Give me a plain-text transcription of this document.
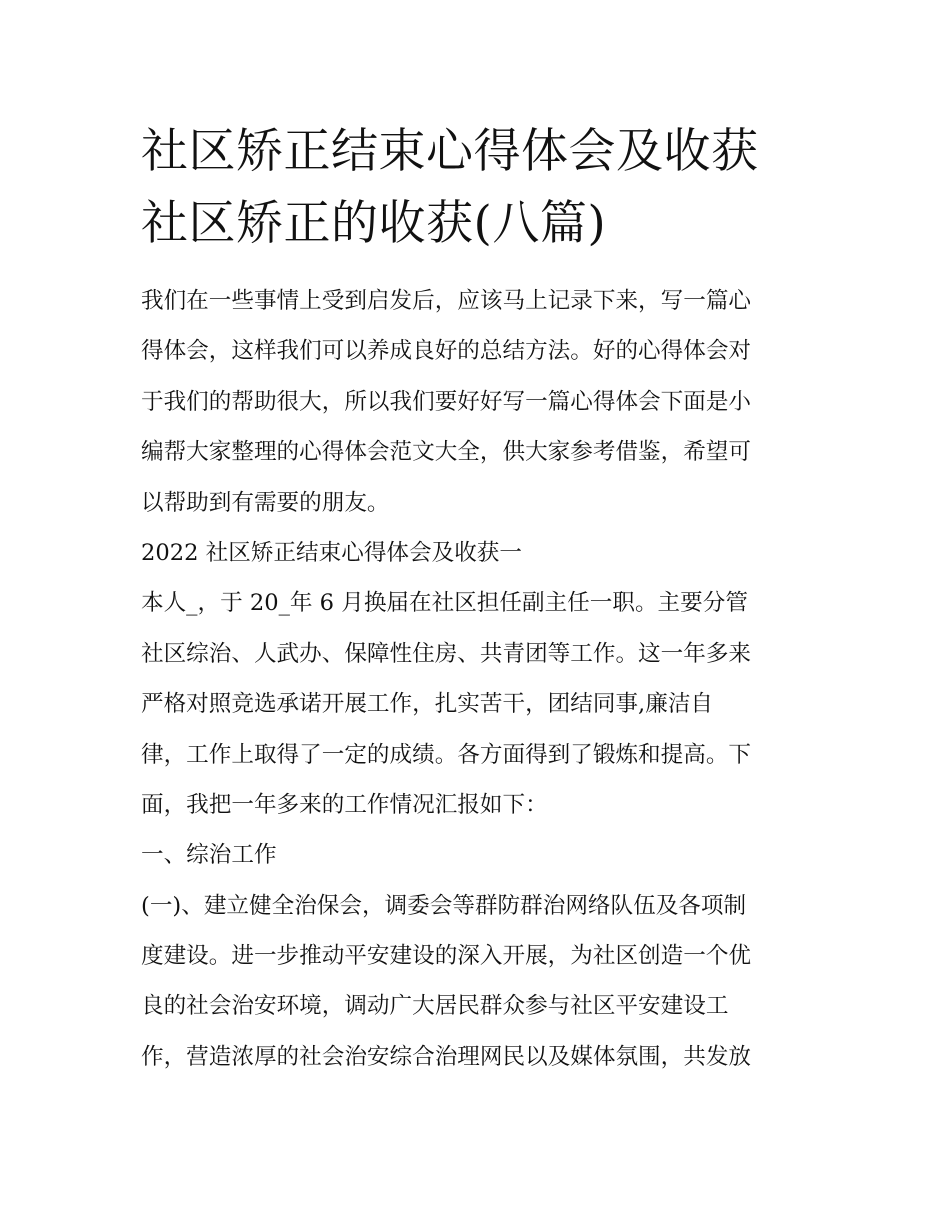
社区矫正结束心得体会及收获
社区矫正的收获(八篇)
我们在一些事情上受到启发后，应该马上记录下来，写一篇心
得体会，这样我们可以养成良好的总结方法。好的心得体会对
于我们的帮助很大，所以我们要好好写一篇心得体会下面是小
编帮大家整理的心得体会范文大全，供大家参考借鉴，希望可
以帮助到有需要的朋友。
2022 社区矫正结束心得体会及收获一
本人_，于 20_年 6 月换届在社区担任副主任一职。主要分管
社区综治、人武办、保障性住房、共青团等工作。这一年多来
严格对照竞选承诺开展工作，扎实苦干，团结同事,廉洁自
律，工作上取得了一定的成绩。各方面得到了锻炼和提高。下
面，我把一年多来的工作情况汇报如下：
一、综治工作
(一)、建立健全治保会，调委会等群防群治网络队伍及各项制
度建设。进一步推动平安建设的深入开展，为社区创造一个优
良的社会治安环境，调动广大居民群众参与社区平安建设工
作，营造浓厚的社会治安综合治理网民以及媒体氛围，共发放
